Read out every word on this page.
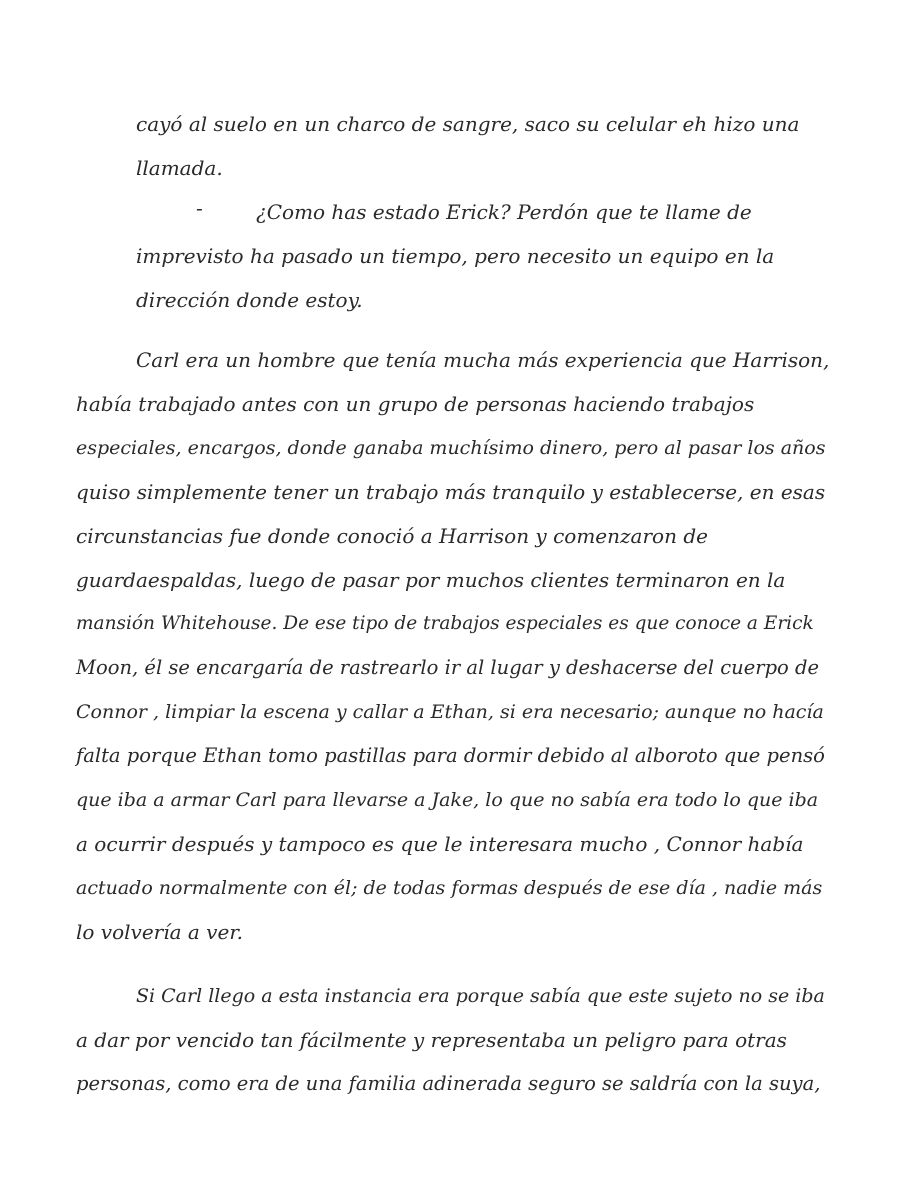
cayó al suelo en un charco de sangre, saco su celular eh hizo una
llamada.
-	¿Como has estado Erick? Perdón que te llame de
imprevisto ha pasado un tiempo, pero necesito un equipo en la
dirección donde estoy.
Carl era un hombre que tenía mucha más experiencia que Harrison,
había trabajado antes con un grupo de personas haciendo trabajos
especiales, encargos, donde ganaba muchísimo dinero, pero al pasar los años
quiso simplemente tener un trabajo más tranquilo y establecerse, en esas
circunstancias fue donde conoció a Harrison y comenzaron de
guardaespaldas, luego de pasar por muchos clientes terminaron en la
mansión Whitehouse. De ese tipo de trabajos especiales es que conoce a Erick
Moon, él se encargaría de rastrearlo ir al lugar y deshacerse del cuerpo de
Connor , limpiar la escena y callar a Ethan, si era necesario; aunque no hacía
falta porque Ethan tomo pastillas para dormir debido al alboroto que pensó
que iba a armar Carl para llevarse a Jake, lo que no sabía era todo lo que iba
a ocurrir después y tampoco es que le interesara mucho , Connor había
actuado normalmente con él; de todas formas después de ese día , nadie más
lo volvería a ver.
Si Carl llego a esta instancia era porque sabía que este sujeto no se iba
a dar por vencido tan fácilmente y representaba un peligro para otras
personas, como era de una familia adinerada seguro se saldría con la suya,
